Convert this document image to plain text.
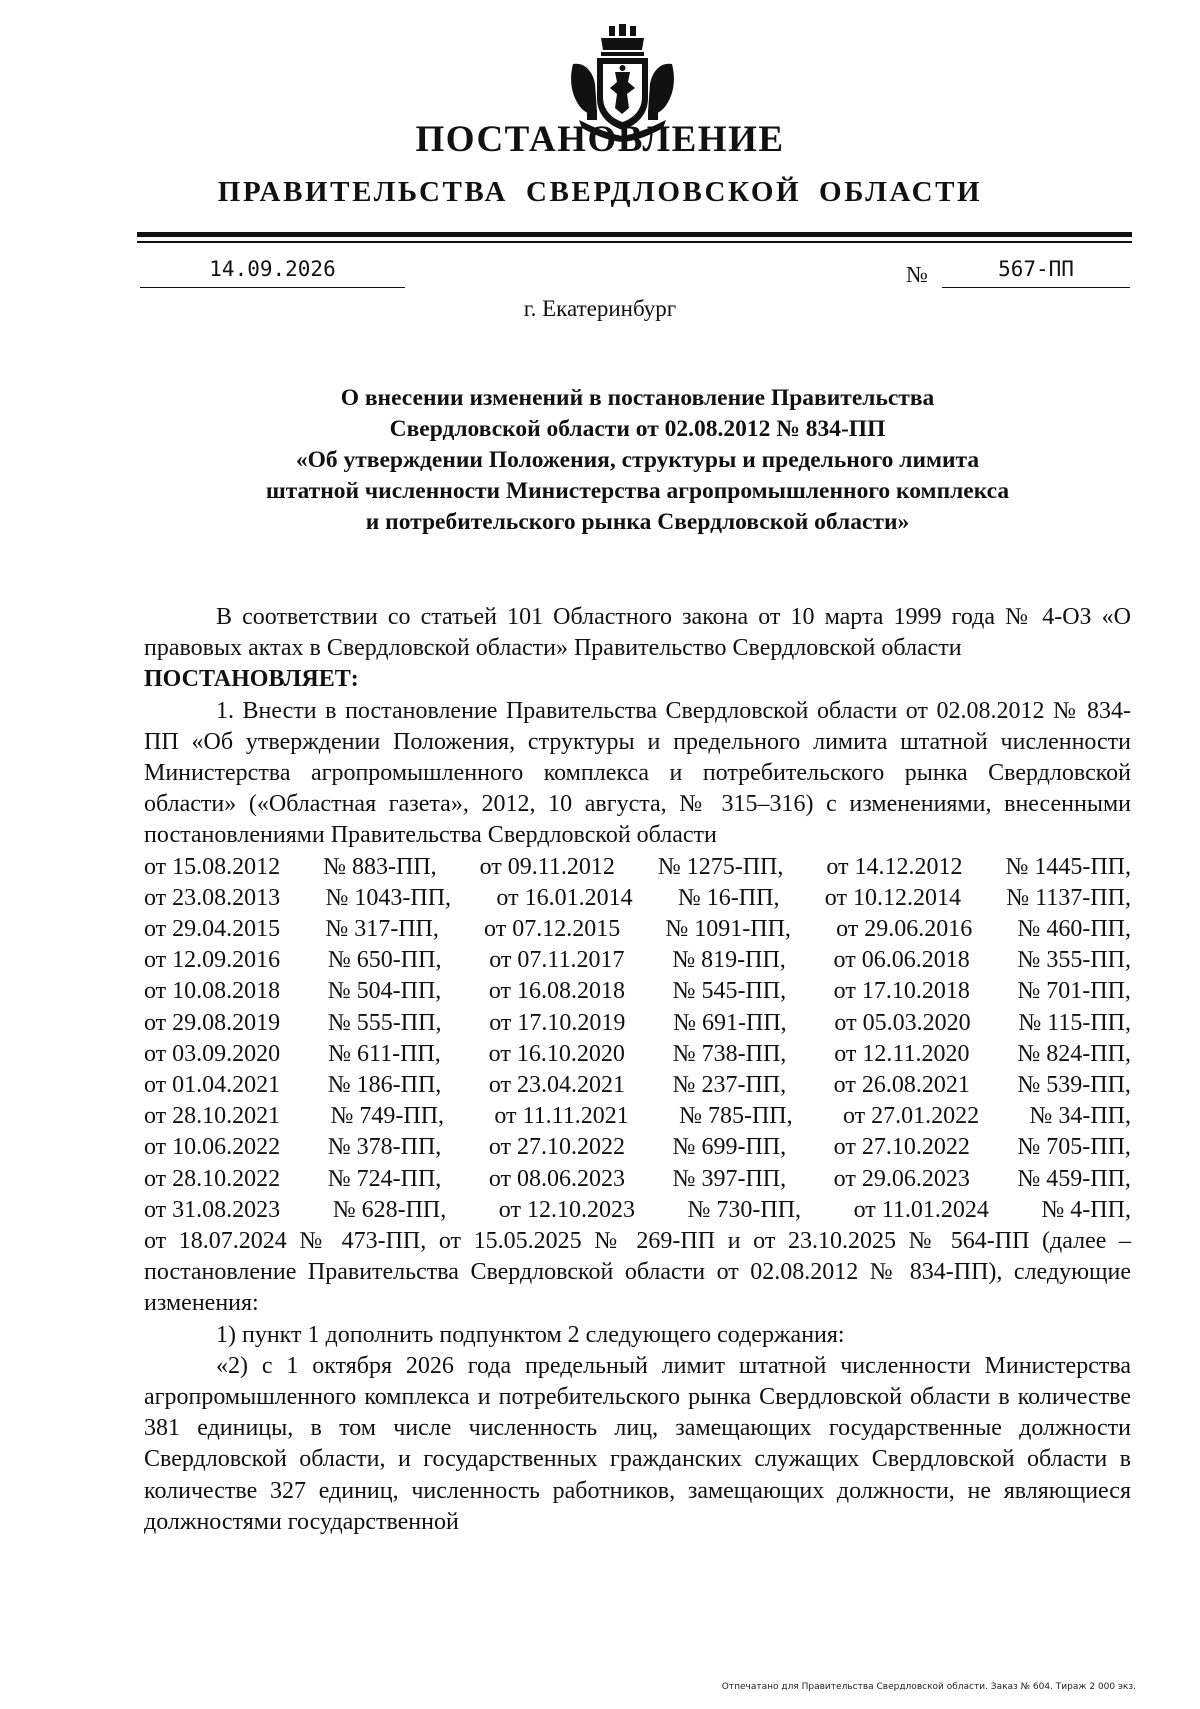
ПОСТАНОВЛЕНИЕ
ПРАВИТЕЛЬСТВА СВЕРДЛОВСКОЙ ОБЛАСТИ
14.09.2026	№	567-ПП
г. Екатеринбург
О внесении изменений в постановление Правительства
Свердловской области от 02.08.2012 № 834-ПП
«Об утверждении Положения, структуры и предельного лимита
штатной численности Министерства агропромышленного комплекса
и потребительского рынка Свердловской области»

В соответствии со статьей 101 Областного закона от 10 марта 1999 года № 4-ОЗ «О правовых актах в Свердловской области» Правительство Свердловской области

ПОСТАНОВЛЯЕТ:

1. Внести в постановление Правительства Свердловской области от 02.08.2012 № 834-ПП «Об утверждении Положения, структуры и предельного лимита штатной численности Министерства агропромышленного комплекса и потребительского рынка Свердловской области» («Областная газета», 2012, 10 августа, № 315–316) с изменениями, внесенными постановлениями Правительства Свердловской области

от 15.08.2012 № 883-ПП, от 09.11.2012 № 1275-ПП, от 14.12.2012 № 1445-ПП,
от 23.08.2013 № 1043-ПП, от 16.01.2014 № 16-ПП, от 10.12.2014 № 1137-ПП,
от 29.04.2015 № 317-ПП, от 07.12.2015 № 1091-ПП, от 29.06.2016 № 460-ПП,
от 12.09.2016 № 650-ПП, от 07.11.2017 № 819-ПП, от 06.06.2018 № 355-ПП,
от 10.08.2018 № 504-ПП, от 16.08.2018 № 545-ПП, от 17.10.2018 № 701-ПП,
от 29.08.2019 № 555-ПП, от 17.10.2019 № 691-ПП, от 05.03.2020 № 115-ПП,
от 03.09.2020 № 611-ПП, от 16.10.2020 № 738-ПП, от 12.11.2020 № 824-ПП,
от 01.04.2021 № 186-ПП, от 23.04.2021 № 237-ПП, от 26.08.2021 № 539-ПП,
от 28.10.2021 № 749-ПП, от 11.11.2021 № 785-ПП, от 27.01.2022 № 34-ПП,
от 10.06.2022 № 378-ПП, от 27.10.2022 № 699-ПП, от 27.10.2022 № 705-ПП,
от 28.10.2022 № 724-ПП, от 08.06.2023 № 397-ПП, от 29.06.2023 № 459-ПП,
от 31.08.2023 № 628-ПП, от 12.10.2023 № 730-ПП, от 11.01.2024 № 4-ПП,

от 18.07.2024 № 473-ПП, от 15.05.2025 № 269-ПП и от 23.10.2025 № 564-ПП (далее – постановление Правительства Свердловской области от 02.08.2012 № 834-ПП), следующие изменения:

1) пункт 1 дополнить подпунктом 2 следующего содержания:

«2) с 1 октября 2026 года предельный лимит штатной численности Министерства агропромышленного комплекса и потребительского рынка Свердловской области в количестве 381 единицы, в том числе численность лиц, замещающих государственные должности Свердловской области, и государственных гражданских служащих Свердловской области в количестве 327 единиц, численность работников, замещающих должности, не являющиеся должностями государственной

Отпечатано для Правительства Свердловской области. Заказ № 604. Тираж 2 000 экз.
